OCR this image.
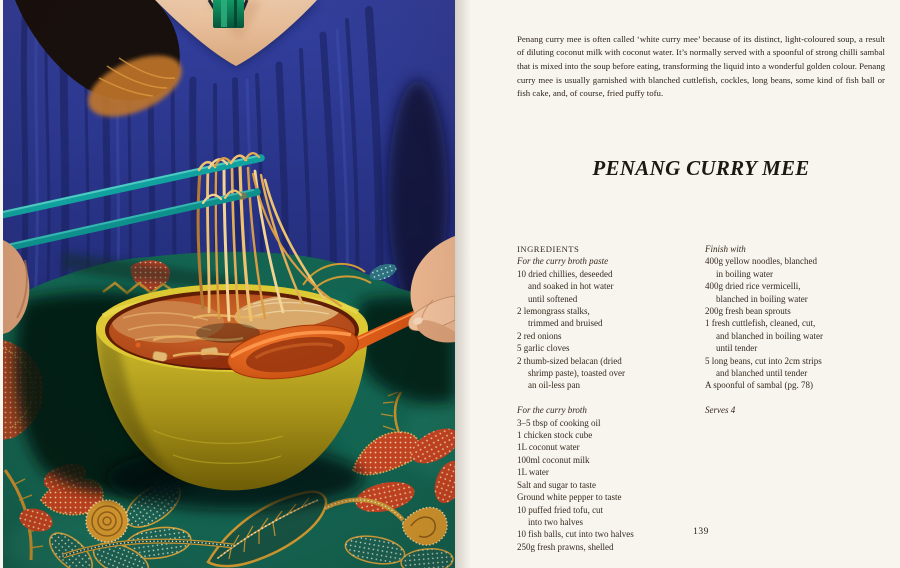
Penang curry mee is often called ‘white curry mee’ because of its distinct, light-coloured soup, a result of diluting coconut milk with coconut water. It’s normally served with a spoonful of strong chilli sambal that is mixed into the soup before eating, transforming the liquid into a wonderful golden colour. Penang curry mee is usually garnished with blanched cuttlefish, cockles, long beans, some kind of fish ball or fish cake, and, of course, fried puffy tofu.

PENANG CURRY MEE
INGREDIENTS
For the curry broth paste
10 dried chillies, deseeded
and soaked in hot water
until softened
2 lemongrass stalks,
trimmed and bruised
2 red onions
5 garlic cloves
2 thumb-sized belacan (dried
shrimp paste), toasted over
an oil-less pan
For the curry broth
3–5 tbsp of cooking oil
1 chicken stock cube
1L coconut water
100ml coconut milk
1L water
Salt and sugar to taste
Ground white pepper to taste
10 puffed fried tofu, cut
into two halves
10 fish balls, cut into two halves
250g fresh prawns, shelled
Finish with
400g yellow noodles, blanched
in boiling water
400g dried rice vermicelli,
blanched in boiling water
200g fresh bean sprouts
1 fresh cuttlefish, cleaned, cut,
and blanched in boiling water
until tender
5 long beans, cut into 2cm strips
and blanched until tender
A spoonful of sambal (pg. 78)
Serves 4
139
